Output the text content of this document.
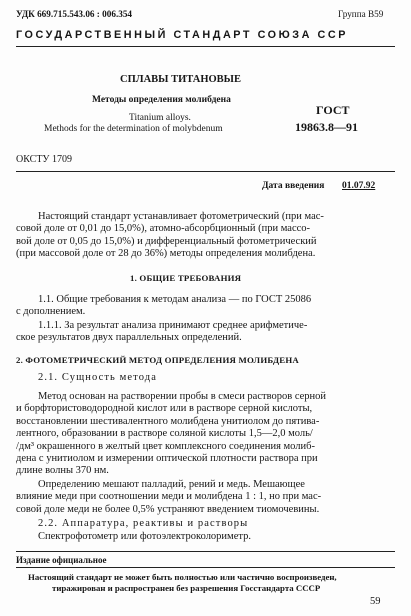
УДК 669.715.543.06 : 006.354	Группа В59
ГОСУДАРСТВЕННЫЙ СТАНДАРТ СОЮЗА ССР
СПЛАВЫ ТИТАНОВЫЕ
Методы определения молибдена
Titanium alloys.
Methods for the determination of molybdenum
ГОСТ
19863.8—91
ОКСТУ 1709
Дата введения 01.07.92
Настоящий стандарт устанавливает фотометрический (при мас-
совой доле от 0,01 до 15,0%), атомно-абсорбционный (при массо-
вой доле от 0,05 до 15,0%) и дифференциальный фотометрический
(при массовой доле от 28 до 36%) методы определения молибдена.
1. ОБЩИЕ ТРЕБОВАНИЯ
1.1. Общие требования к методам анализа — по ГОСТ 25086
с дополнением.
1.1.1. За результат анализа принимают среднее арифметиче-
ское результатов двух параллельных определений.
2. ФОТОМЕТРИЧЕСКИЙ МЕТОД ОПРЕДЕЛЕНИЯ МОЛИБДЕНА
2.1. Сущность метода
Метод основан на растворении пробы в смеси растворов серной
и борфтористоводородной кислот или в растворе серной кислоты,
восстановлении шестивалентного молибдена унитиолом до пятива-
лентного, образовании в растворе соляной кислоты 1,5—2,0 моль/
/дм³ окрашенного в желтый цвет комплексного соединения молиб-
дена с унитиолом и измерении оптической плотности раствора при
длине волны 370 нм.
Определению мешают палладий, рений и медь. Мешающее
влияние меди при соотношении меди и молибдена 1 : 1, но при мас-
совой доле меди не более 0,5% устраняют введением тиомочевины.
2.2. Аппаратура, реактивы и растворы
Спектрофотометр или фотоэлектроколориметр.
Издание официальное
Настоящий стандарт не может быть полностью или частично воспроизведен,
тиражирован и распространен без разрешения Госстандарта СССР
59
